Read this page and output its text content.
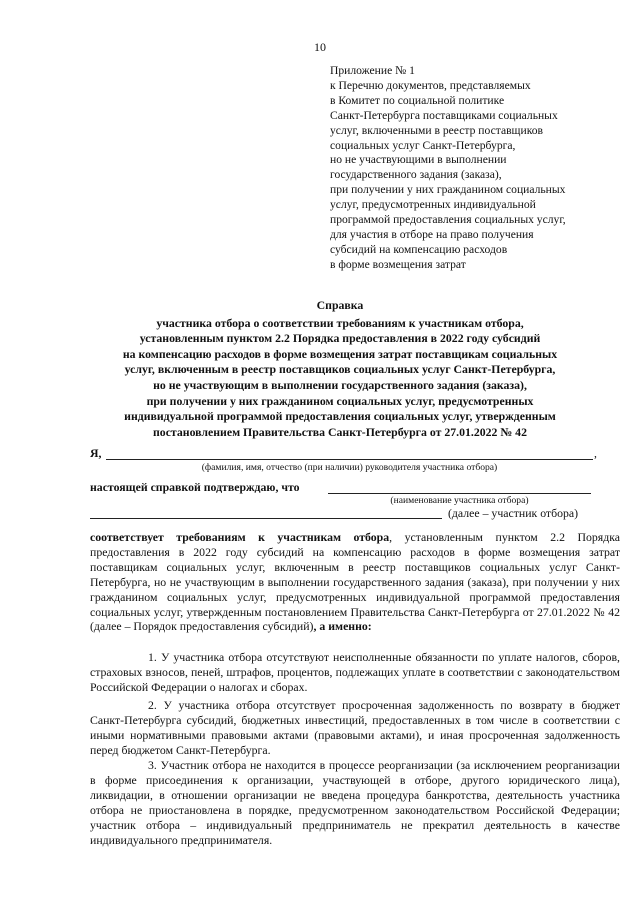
10
Приложение № 1
к Перечню документов, представляемых
в Комитет по социальной политике
Санкт-Петербурга поставщиками социальных
услуг, включенными в реестр поставщиков
социальных услуг Санкт-Петербурга,
но не участвующими в выполнении
государственного задания (заказа),
при получении у них гражданином социальных
услуг, предусмотренных индивидуальной
программой предоставления социальных услуг,
для участия в отборе на право получения
субсидий на компенсацию расходов
в форме возмещения затрат
Справка
участника отбора о соответствии требованиям к участникам отбора,
установленным пунктом 2.2 Порядка предоставления в 2022 году субсидий
на компенсацию расходов в форме возмещения затрат поставщикам социальных
услуг, включенным в реестр поставщиков социальных услуг Санкт-Петербурга,
но не участвующим в выполнении государственного задания (заказа),
при получении у них гражданином социальных услуг, предусмотренных
индивидуальной программой предоставления социальных услуг, утвержденным
постановлением Правительства Санкт-Петербурга от 27.01.2022 № 42
Я,	,
(фамилия, имя, отчество (при наличии) руководителя участника отбора)
настоящей справкой подтверждаю, что
(наименование участника отбора)
(далее – участник отбора)
соответствует требованиям к участникам отбора, установленным пунктом 2.2 Порядка предоставления в 2022 году субсидий на компенсацию расходов в форме возмещения затрат поставщикам социальных услуг, включенным в реестр поставщиков социальных услуг Санкт-Петербурга, но не участвующим в выполнении государственного задания (заказа), при получении у них гражданином социальных услуг, предусмотренных индивидуальной программой предоставления социальных услуг, утвержденным постановлением Правительства Санкт-Петербурга от 27.01.2022 № 42 (далее – Порядок предоставления субсидий), а именно:
1. У участника отбора отсутствуют неисполненные обязанности по уплате налогов, сборов, страховых взносов, пеней, штрафов, процентов, подлежащих уплате в соответствии с законодательством Российской Федерации о налогах и сборах.
2. У участника отбора отсутствует просроченная задолженность по возврату в бюджет Санкт-Петербурга субсидий, бюджетных инвестиций, предоставленных в том числе в соответствии с иными нормативными правовыми актами (правовыми актами), и иная просроченная задолженность перед бюджетом Санкт-Петербурга.
3. Участник отбора не находится в процессе реорганизации (за исключением реорганизации в форме присоединения к организации, участвующей в отборе, другого юридического лица), ликвидации, в отношении организации не введена процедура банкротства, деятельность участника отбора не приостановлена в порядке, предусмотренном законодательством Российской Федерации; участник отбора – индивидуальный предприниматель не прекратил деятельность в качестве индивидуального предпринимателя.
